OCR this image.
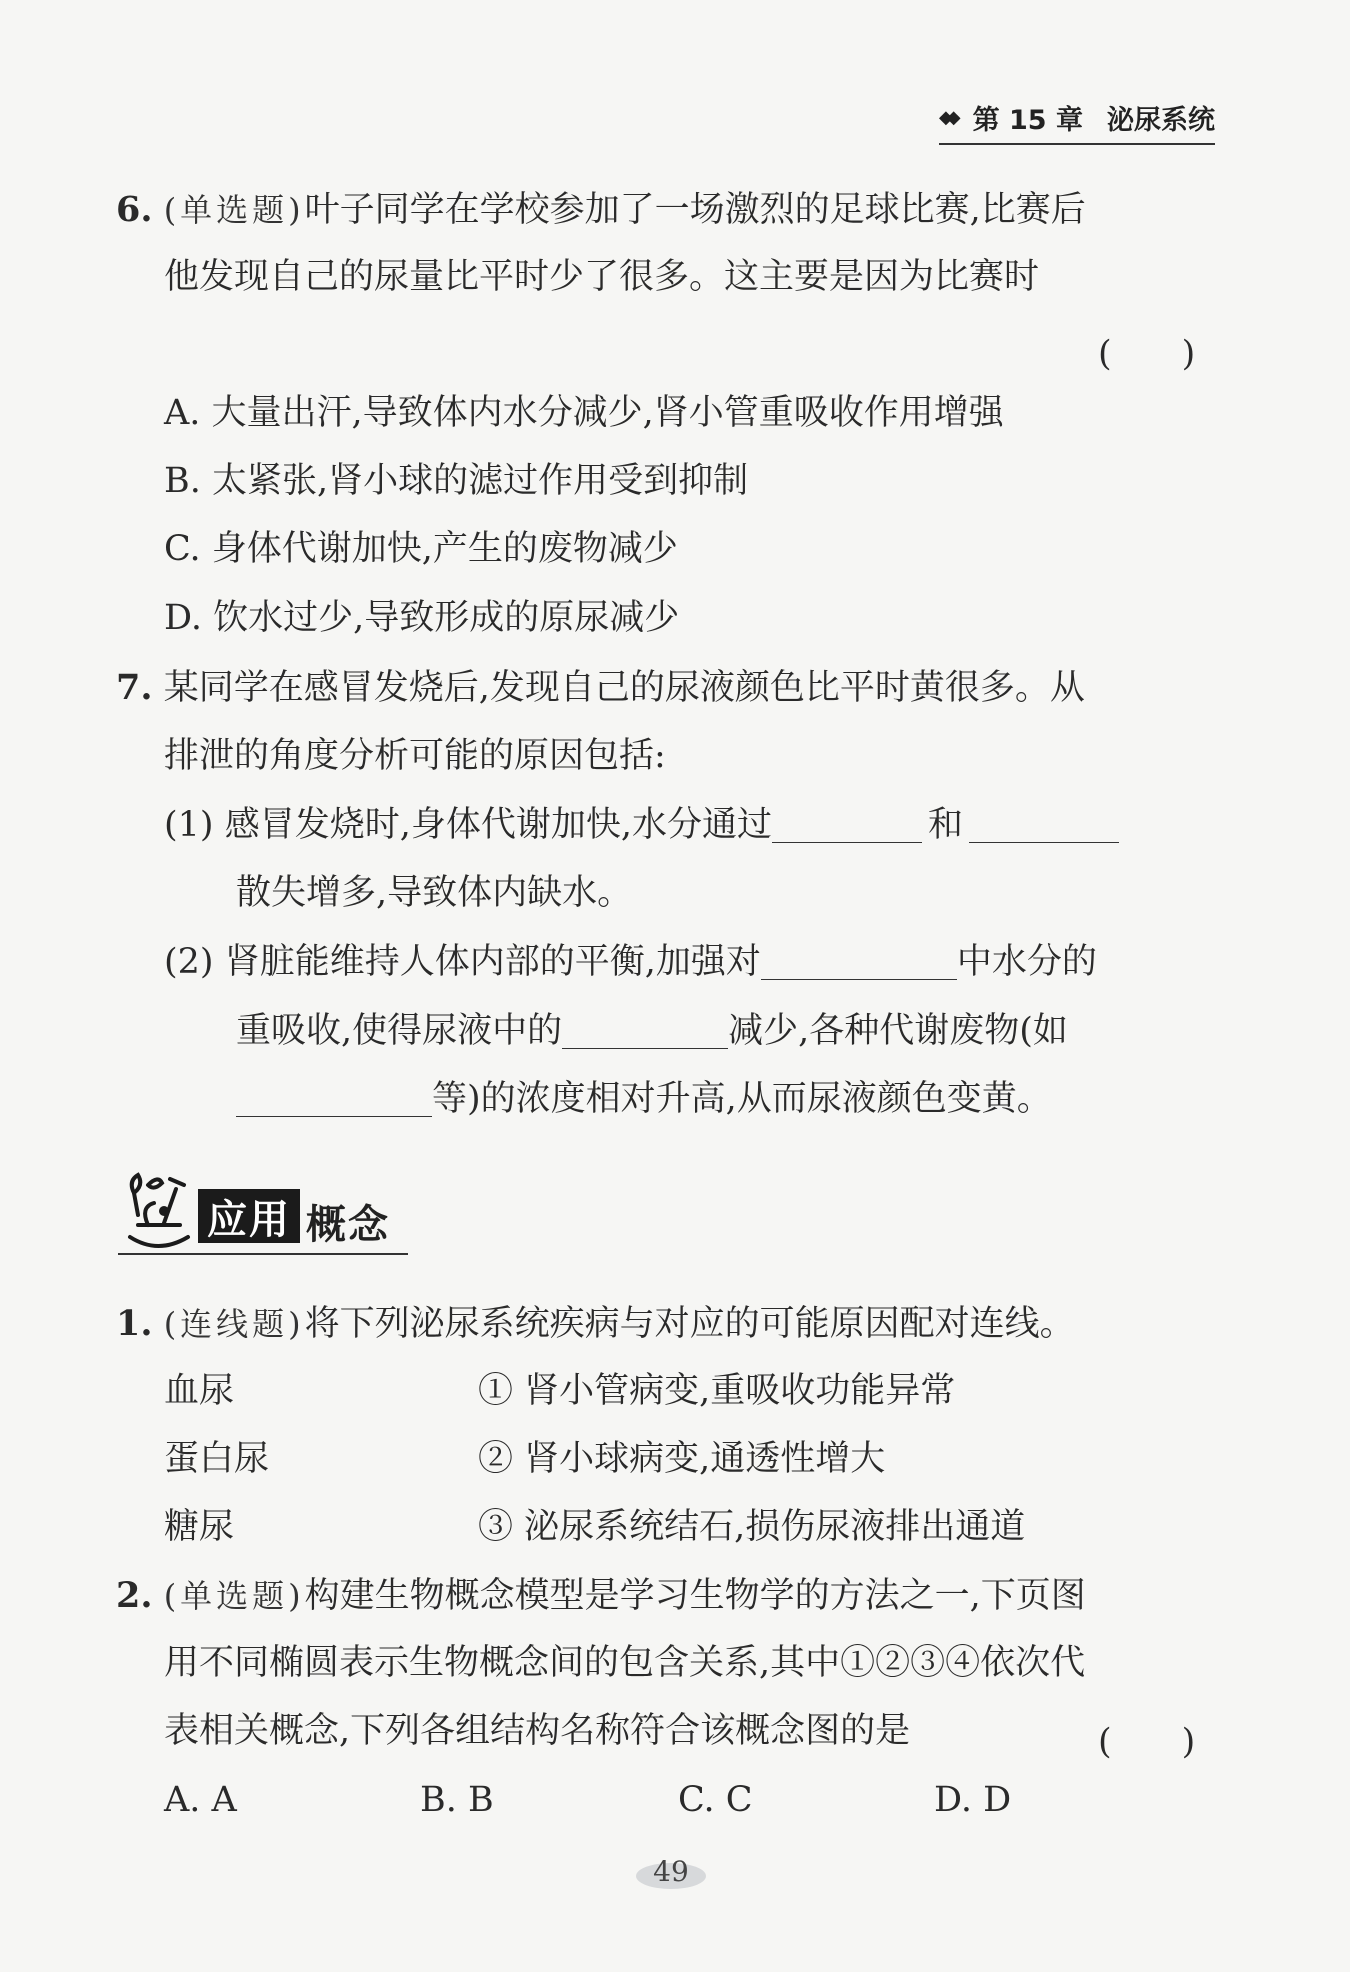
◆◆ 第 15 章 泌尿系统
6. (单选题)叶子同学在学校参加了一场激烈的足球比赛,比赛后
他发现自己的尿量比平时少了很多。这主要是因为比赛时
(　　)
A. 大量出汗,导致体内水分减少,肾小管重吸收作用增强
B. 太紧张,肾小球的滤过作用受到抑制
C. 身体代谢加快,产生的废物减少
D. 饮水过少,导致形成的原尿减少
7. 某同学在感冒发烧后,发现自己的尿液颜色比平时黄很多。从
排泄的角度分析可能的原因包括:
(1) 感冒发烧时,身体代谢加快,水分通过	和
散失增多,导致体内缺水。
(2) 肾脏能维持人体内部的平衡,加强对	中水分的
重吸收,使得尿液中的	减少,各种代谢废物(如
等)的浓度相对升高,从而尿液颜色变黄。
应用 概念
1. (连线题)将下列泌尿系统疾病与对应的可能原因配对连线。
血尿	① 肾小管病变,重吸收功能异常
蛋白尿	② 肾小球病变,通透性增大
糖尿	③ 泌尿系统结石,损伤尿液排出通道
2. (单选题)构建生物概念模型是学习生物学的方法之一,下页图
用不同椭圆表示生物概念间的包含关系,其中①②③④依次代
表相关概念,下列各组结构名称符合该概念图的是	(　　)
A. A	B. B	C. C	D. D
49
